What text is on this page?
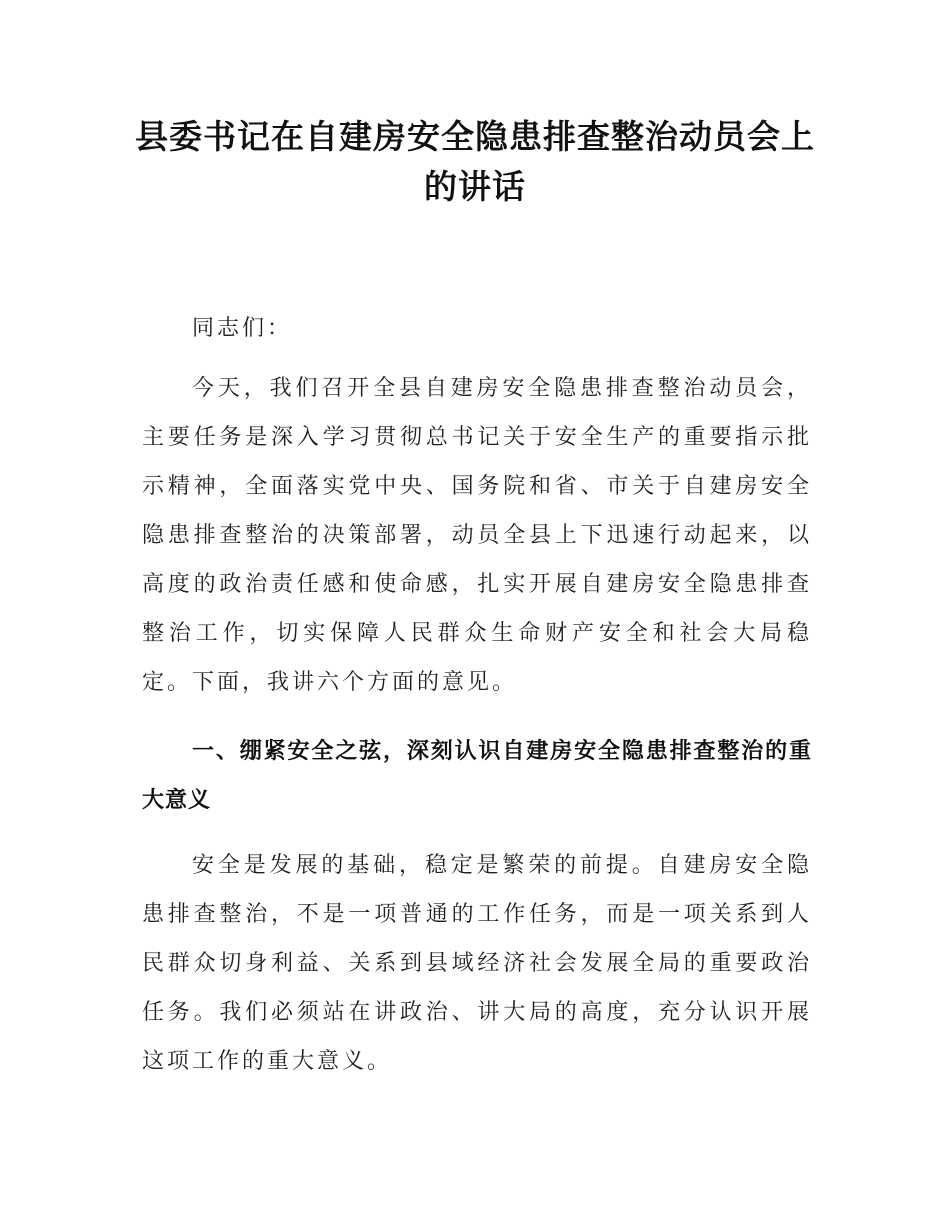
县委书记在自建房安全隐患排查整治动员会上的讲话

同志们：

今天，我们召开全县自建房安全隐患排查整治动员会，主要任务是深入学习贯彻总书记关于安全生产的重要指示批示精神，全面落实党中央、国务院和省、市关于自建房安全隐患排查整治的决策部署，动员全县上下迅速行动起来，以高度的政治责任感和使命感，扎实开展自建房安全隐患排查整治工作，切实保障人民群众生命财产安全和社会大局稳定。下面，我讲六个方面的意见。

一、绷紧安全之弦，深刻认识自建房安全隐患排查整治的重大意义

安全是发展的基础，稳定是繁荣的前提。自建房安全隐患排查整治，不是一项普通的工作任务，而是一项关系到人民群众切身利益、关系到县域经济社会发展全局的重要政治任务。我们必须站在讲政治、讲大局的高度，充分认识开展这项工作的重大意义。
